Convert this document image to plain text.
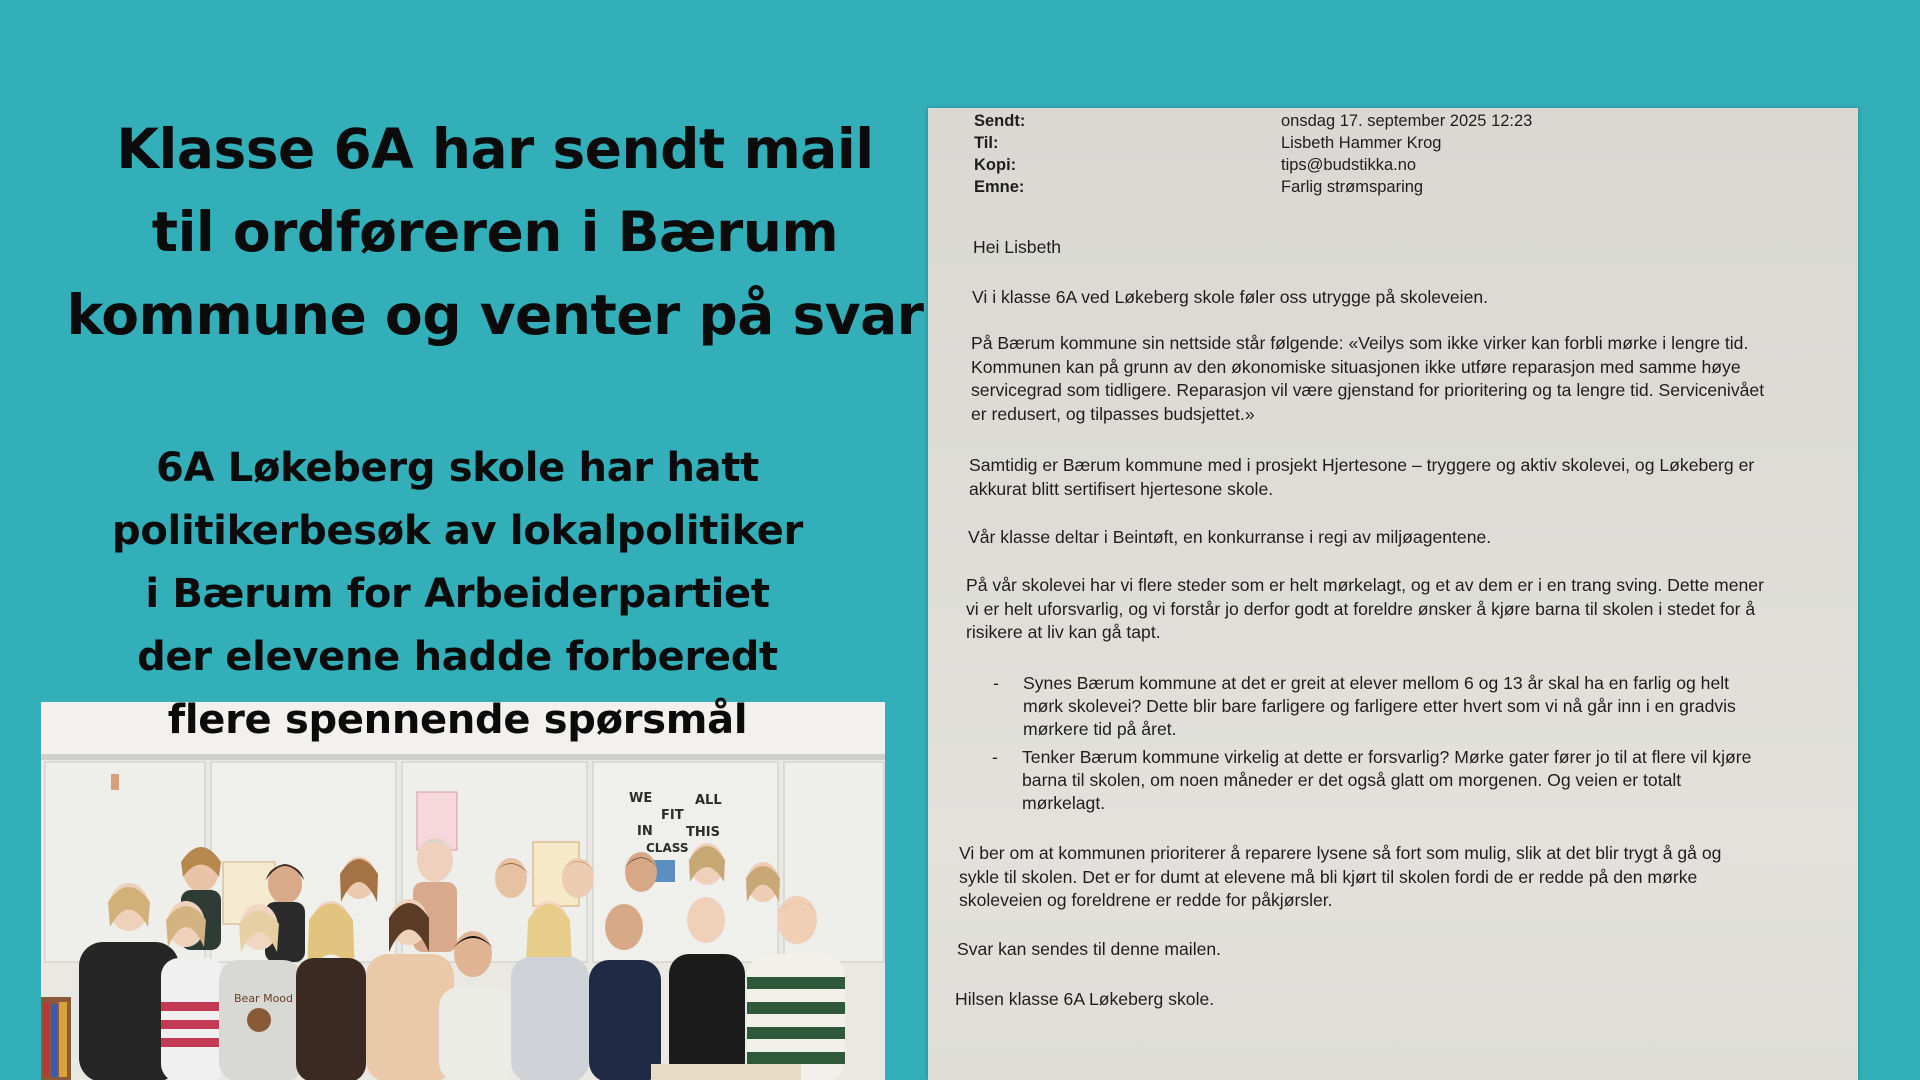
Klasse 6A har sendt mail
til ordføreren i Bærum
kommune og venter på svar
WE	ALL
FIT
IN	THIS
CLASS
Bear Mood
6A Løkeberg skole har hatt
politikerbesøk av lokalpolitiker
i Bærum for Arbeiderpartiet
der elevene hadde forberedt
flere spennende spørsmål
Sendt:	onsdag 17. september 2025 12:23
Til:	Lisbeth Hammer Krog
Kopi:	tips@budstikka.no
Emne:	Farlig strømsparing
Hei Lisbeth
Vi i klasse 6A ved Løkeberg skole føler oss utrygge på skoleveien.
På Bærum kommune sin nettside står følgende: «Veilys som ikke virker kan forbli mørke i lengre tid.
Kommunen kan på grunn av den økonomiske situasjonen ikke utføre reparasjon med samme høye
servicegrad som tidligere. Reparasjon vil være gjenstand for prioritering og ta lengre tid. Servicenivået
er redusert, og tilpasses budsjettet.»
Samtidig er Bærum kommune med i prosjekt Hjertesone – tryggere og aktiv skolevei, og Løkeberg er
akkurat blitt sertifisert hjertesone skole.
Vår klasse deltar i Beintøft, en konkurranse i regi av miljøagentene.
På vår skolevei har vi flere steder som er helt mørkelagt, og et av dem er i en trang sving. Dette mener
vi er helt uforsvarlig, og vi forstår jo derfor godt at foreldre ønsker å kjøre barna til skolen i stedet for å
risikere at liv kan gå tapt.
- Synes Bærum kommune at det er greit at elever mellom 6 og 13 år skal ha en farlig og helt
mørk skolevei? Dette blir bare farligere og farligere etter hvert som vi nå går inn i en gradvis
mørkere tid på året.
- Tenker Bærum kommune virkelig at dette er forsvarlig? Mørke gater fører jo til at flere vil kjøre
barna til skolen, om noen måneder er det også glatt om morgenen. Og veien er totalt
mørkelagt.
Vi ber om at kommunen prioriterer å reparere lysene så fort som mulig, slik at det blir trygt å gå og
sykle til skolen. Det er for dumt at elevene må bli kjørt til skolen fordi de er redde på den mørke
skoleveien og foreldrene er redde for påkjørsler.
Svar kan sendes til denne mailen.
Hilsen klasse 6A Løkeberg skole.
